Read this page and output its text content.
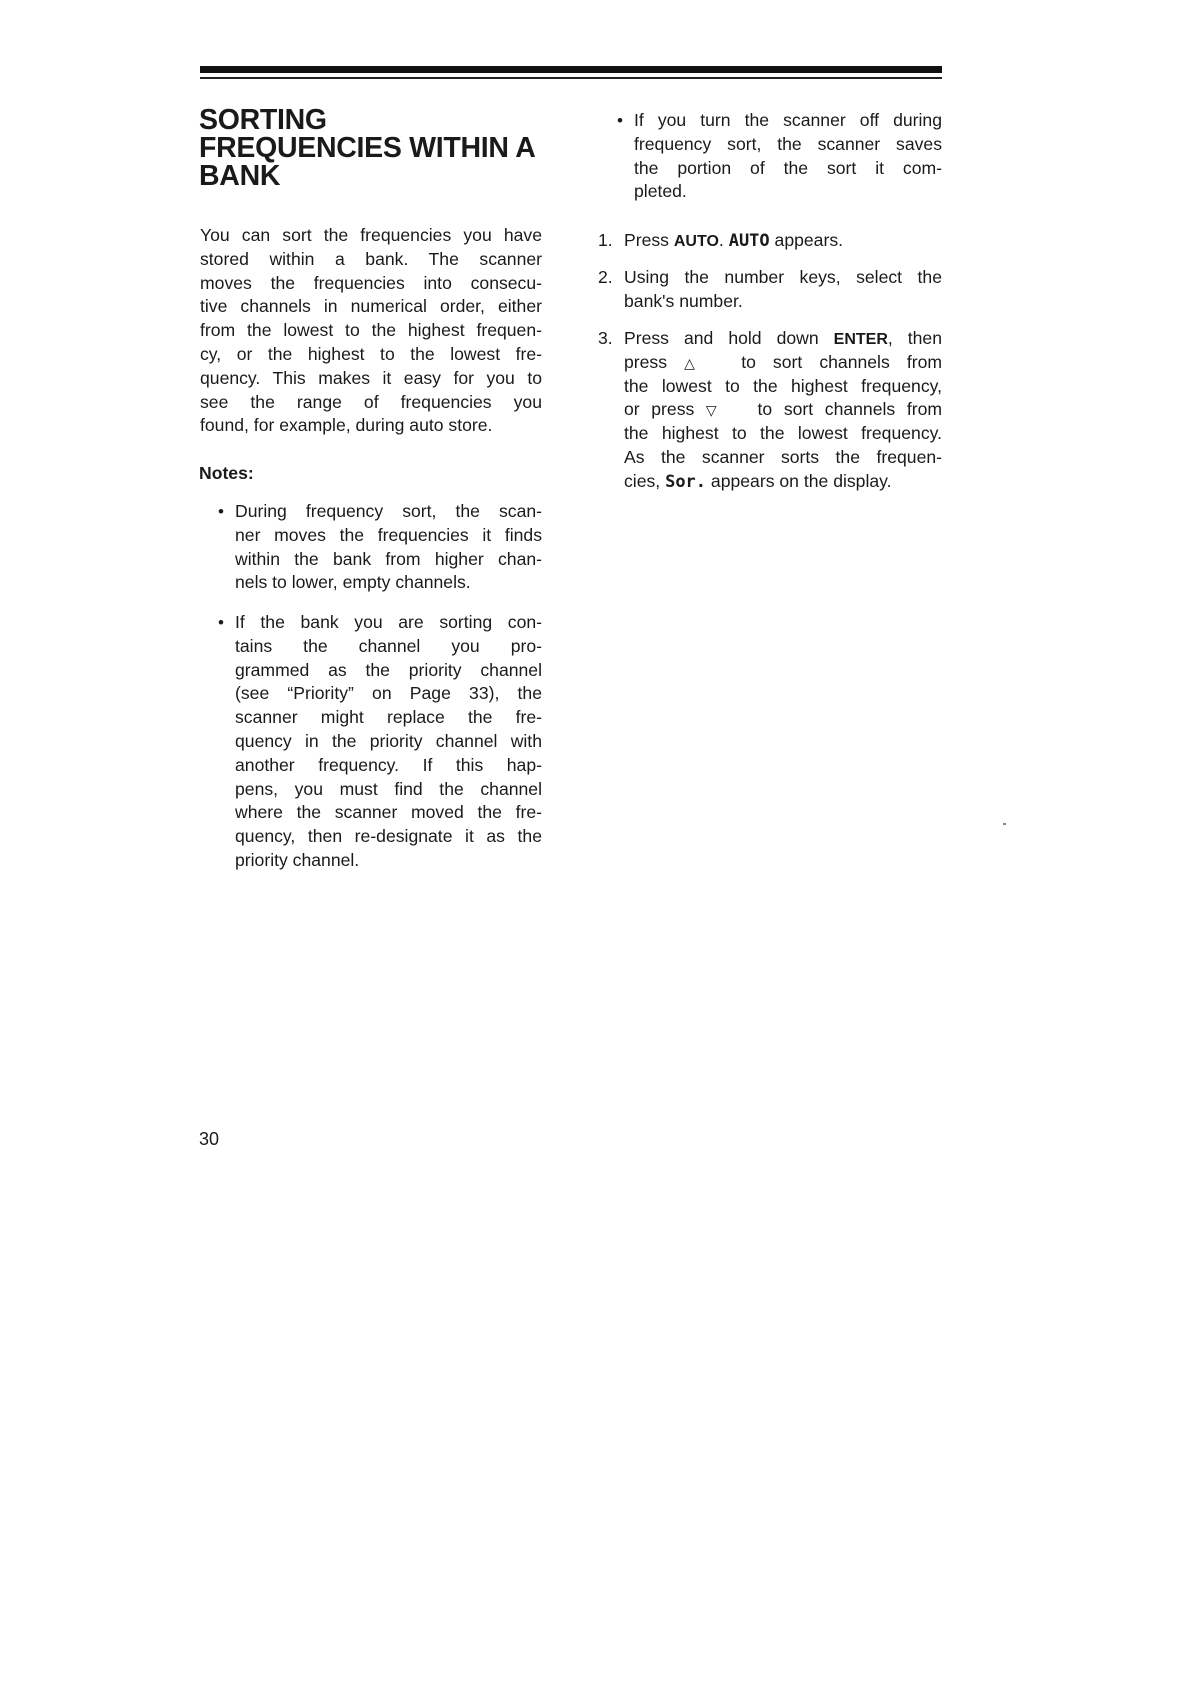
SORTING
FREQUENCIES WITHIN A
BANK
You can sort the frequencies you have
stored within a bank. The scanner
moves the frequencies into consecu-
tive channels in numerical order, either
from the lowest to the highest frequen-
cy, or the highest to the lowest fre-
quency. This makes it easy for you to
see the range of frequencies you
found, for example, during auto store.
Notes:
• During frequency sort, the scan-
ner moves the frequencies it finds
within the bank from higher chan-
nels to lower, empty channels.
• If the bank you are sorting con-
tains the channel you pro-
grammed as the priority channel
(see “Priority” on Page 33), the
scanner might replace the fre-
quency in the priority channel with
another frequency. If this hap-
pens, you must find the channel
where the scanner moved the fre-
quency, then re-designate it as the
priority channel.
• If you turn the scanner off during
frequency sort, the scanner saves
the portion of the sort it com-
pleted.
1. Press AUTO. AUTO appears.
2. Using the number keys, select the
bank's number.
3. Press and hold down ENTER, then
press △	to sort channels from
the lowest to the highest frequency,
or press ▽ to sort channels from
the highest to the lowest frequency.
As the scanner sorts the frequen-
cies, Sor. appears on the display.
30
